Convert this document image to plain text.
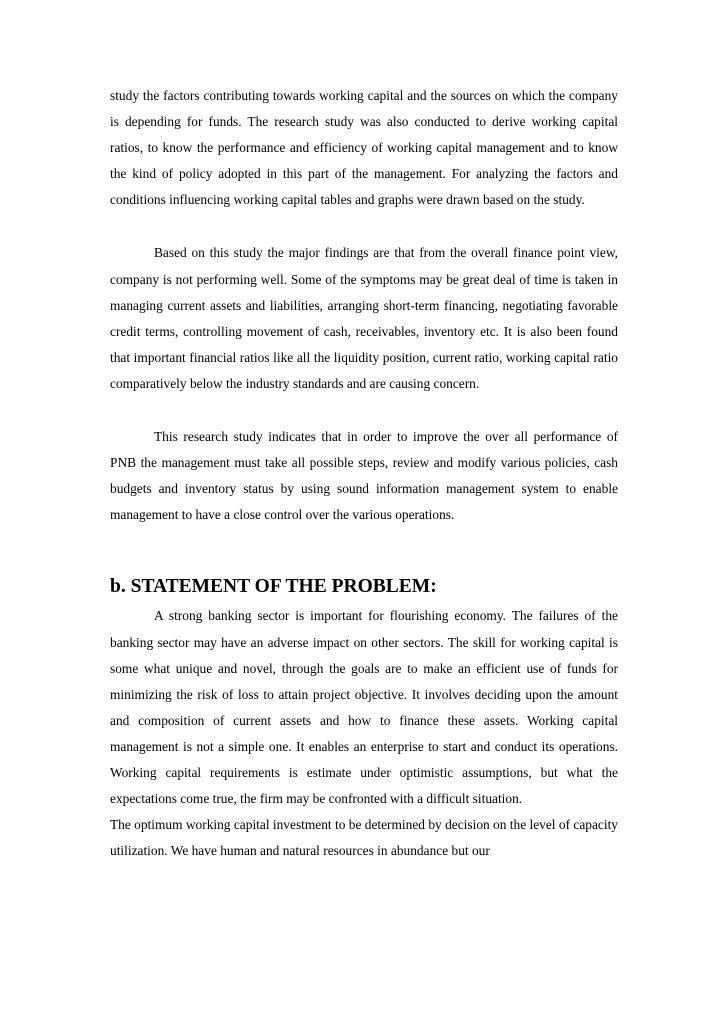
study the factors contributing towards working capital and the sources on which the company is depending for funds. The research study was also conducted to derive working capital ratios, to know the performance and efficiency of working capital management and to know the kind of policy adopted in this part of the management. For analyzing the factors and conditions influencing working capital tables and graphs were drawn based on the study.

Based on this study the major findings are that from the overall finance point view, company is not performing well. Some of the symptoms may be great deal of time is taken in managing current assets and liabilities, arranging short-term financing, negotiating favorable credit terms, controlling movement of cash, receivables, inventory etc. It is also been found that important financial ratios like all the liquidity position, current ratio, working capital ratio comparatively below the industry standards and are causing concern.

This research study indicates that in order to improve the over all performance of PNB the management must take all possible steps, review and modify various policies, cash budgets and inventory status by using sound information management system to enable management to have a close control over the various operations.

b. STATEMENT OF THE PROBLEM:

A strong banking sector is important for flourishing economy. The failures of the banking sector may have an adverse impact on other sectors. The skill for working capital is some what unique and novel, through the goals are to make an efficient use of funds for minimizing the risk of loss to attain project objective. It involves deciding upon the amount and composition of current assets and how to finance these assets. Working capital management is not a simple one. It enables an enterprise to start and conduct its operations. Working capital requirements is estimate under optimistic assumptions, but what the expectations come true, the firm may be confronted with a difficult situation.

The optimum working capital investment to be determined by decision on the level of capacity utilization. We have human and natural resources in abundance but our
